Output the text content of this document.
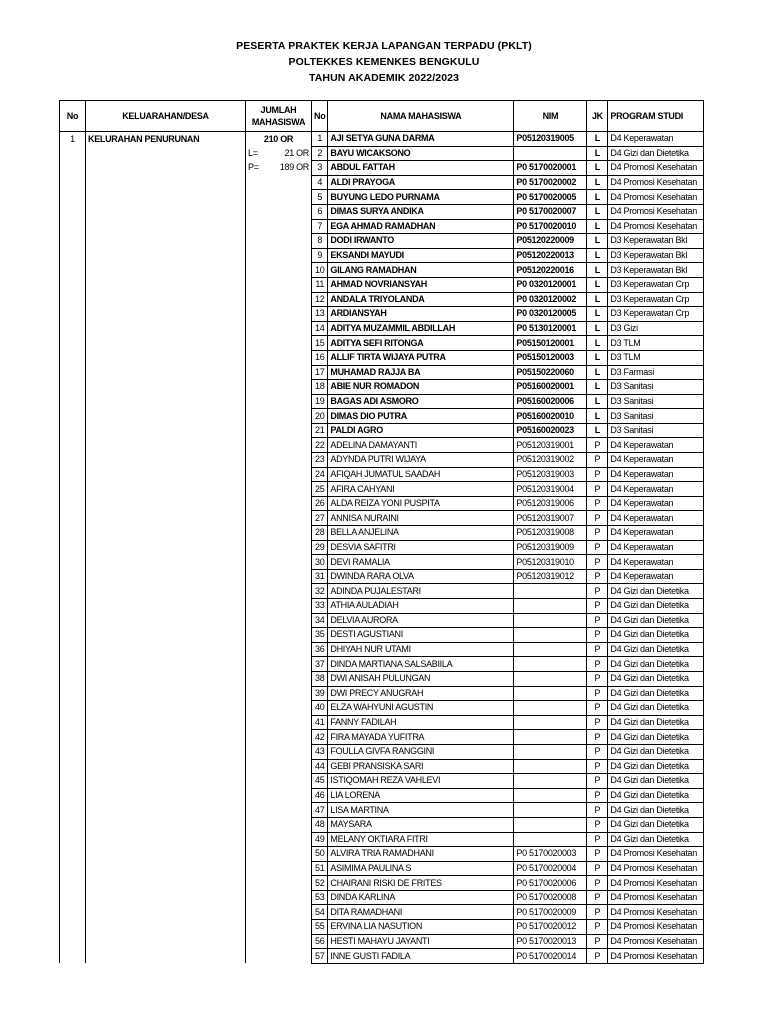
PESERTA PRAKTEK KERJA LAPANGAN TERPADU (PKLT)
POLTEKKES KEMENKES BENGKULU
TAHUN AKADEMIK 2022/2023
No	KELUARAHAN/DESA	JUMLAH MAHASISWA	No	NAMA MAHASISWA	NIM	JK	PROGRAM STUDI
1	KELURAHAN PENURUNAN	210 OR	1	AJI SETYA GUNA DARMA	P05120319005	L	D4 Keperawatan

		L= 21 OR	2	BAYU WICAKSONO		L	D4 Gizi dan Dietetika

		P= 189 OR	3	ABDUL FATTAH	P0 5170020001	L	D4 Promosi Kesehatan
			4	ALDI PRAYOGA	P0 5170020002	L	D4 Promosi Kesehatan
			5	BUYUNG LEDO PURNAMA	P0 5170020005	L	D4 Promosi Kesehatan
			6	DIMAS SURYA ANDIKA	P0 5170020007	L	D4 Promosi Kesehatan
			7	EGA AHMAD RAMADHAN	P0 5170020010	L	D4 Promosi Kesehatan
			8	DODI IRWANTO	P05120220009	L	D3 Keperawatan Bkl
			9	EKSANDI MAYUDI	P05120220013	L	D3 Keperawatan Bkl
			10	GILANG RAMADHAN	P05120220016	L	D3 Keperawatan Bkl
			11	AHMAD NOVRIANSYAH	P0 0320120001	L	D3 Keperawatan Crp
			12	ANDALA TRIYOLANDA	P0 0320120002	L	D3 Keperawatan Crp
			13	ARDIANSYAH	P0 0320120005	L	D3 Keperawatan Crp
			14	ADITYA MUZAMMIL ABDILLAH	P0 5130120001	L	D3 Gizi
			15	ADITYA SEFI RITONGA	P05150120001	L	D3 TLM
			16	ALLIF TIRTA WIJAYA PUTRA	P05150120003	L	D3 TLM
			17	MUHAMAD RAJJA BA	P05150220060	L	D3 Farmasi
			18	ABIE NUR ROMADON	P05160020001	L	D3 Sanitasi
			19	BAGAS ADI ASMORO	P05160020006	L	D3 Sanitasi
			20	DIMAS DIO PUTRA	P05160020010	L	D3 Sanitasi
			21	PALDI AGRO	P05160020023	L	D3 Sanitasi
			22	ADELINA DAMAYANTI	P05120319001	P	D4 Keperawatan
			23	ADYNDA PUTRI WIJAYA	P05120319002	P	D4 Keperawatan
			24	AFIQAH JUMATUL SAADAH	P05120319003	P	D4 Keperawatan
			25	AFIRA CAHYANI	P05120319004	P	D4 Keperawatan
			26	ALDA REIZA YONI PUSPITA	P05120319006	P	D4 Keperawatan
			27	ANNISA NURAINI	P05120319007	P	D4 Keperawatan
			28	BELLA ANJELINA	P05120319008	P	D4 Keperawatan
			29	DESVIA SAFITRI	P05120319009	P	D4 Keperawatan
			30	DEVI RAMALIA	P05120319010	P	D4 Keperawatan
			31	DWINDA RARA OLVA	P05120319012	P	D4 Keperawatan
			32	ADINDA PUJALESTARI		P	D4 Gizi dan Dietetika
			33	ATHIA AULADIAH		P	D4 Gizi dan Dietetika
			34	DELVIA AURORA		P	D4 Gizi dan Dietetika
			35	DESTI AGUSTIANI		P	D4 Gizi dan Dietetika
			36	DHIYAH NUR UTAMI		P	D4 Gizi dan Dietetika
			37	DINDA MARTIANA SALSABIILA		P	D4 Gizi dan Dietetika
			38	DWI ANISAH PULUNGAN		P	D4 Gizi dan Dietetika
			39	DWI PRECY ANUGRAH		P	D4 Gizi dan Dietetika
			40	ELZA WAHYUNI AGUSTIN		P	D4 Gizi dan Dietetika
			41	FANNY FADILAH		P	D4 Gizi dan Dietetika
			42	FIRA MAYADA YUFITRA		P	D4 Gizi dan Dietetika
			43	FOULLA GIVFA RANGGINI		P	D4 Gizi dan Dietetika
			44	GEBI PRANSISKA SARI		P	D4 Gizi dan Dietetika
			45	ISTIQOMAH REZA VAHLEVI		P	D4 Gizi dan Dietetika
			46	LIA LORENA		P	D4 Gizi dan Dietetika
			47	LISA MARTINA		P	D4 Gizi dan Dietetika
			48	MAYSARA		P	D4 Gizi dan Dietetika
			49	MELANY OKTIARA FITRI		P	D4 Gizi dan Dietetika
			50	ALVIRA TRIA RAMADHANI	P0 5170020003	P	D4 Promosi Kesehatan
			51	ASIMIMA PAULINA S	P0 5170020004	P	D4 Promosi Kesehatan
			52	CHAIRANI RISKI DE FRITES	P0 5170020006	P	D4 Promosi Kesehatan
			53	DINDA KARLINA	P0 5170020008	P	D4 Promosi Kesehatan
			54	DITA RAMADHANI	P0 5170020009	P	D4 Promosi Kesehatan
			55	ERVINA LIA NASUTION	P0 5170020012	P	D4 Promosi Kesehatan
			56	HESTI MAHAYU JAYANTI	P0 5170020013	P	D4 Promosi Kesehatan
			57	INNE GUSTI FADILA	P0 5170020014	P	D4 Promosi Kesehatan
